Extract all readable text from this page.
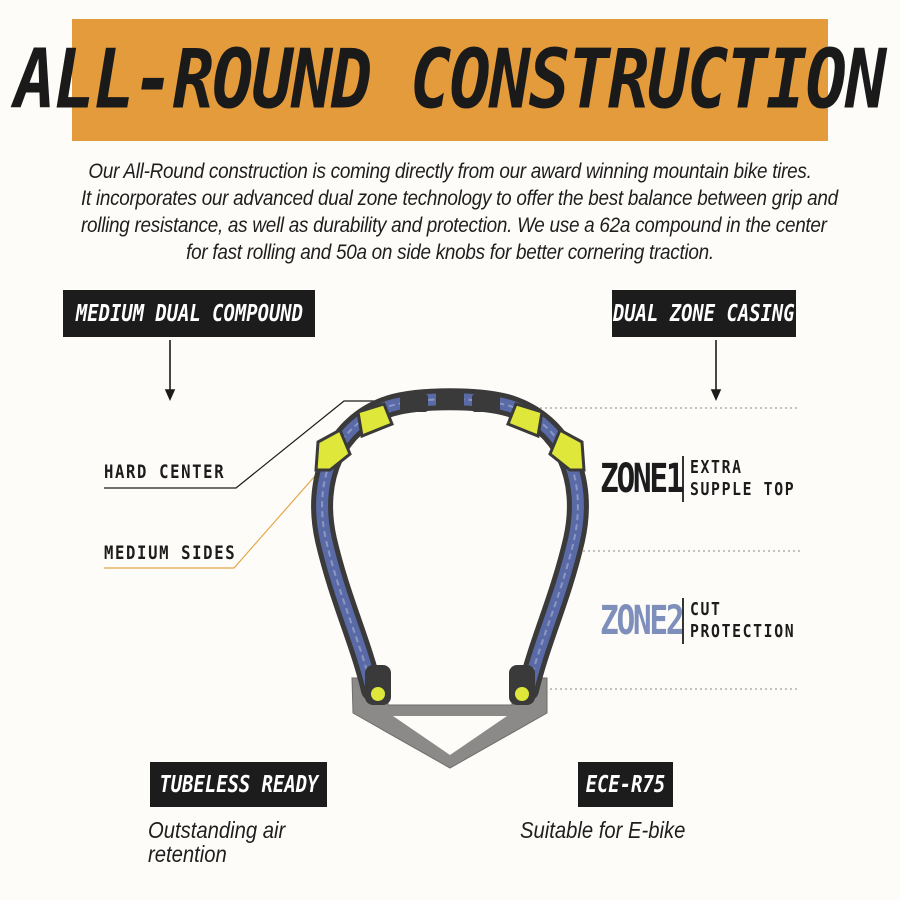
ALL-ROUND CONSTRUCTION
Our All-Round construction is coming directly from our award winning mountain bike tires.
It incorporates our advanced dual zone technology to offer the best balance between grip and
rolling resistance, as well as durability and protection. We use a 62a compound in the center
for fast rolling and 50a on side knobs for better cornering traction.
MEDIUM DUAL COMPOUND	DUAL ZONE CASING
HARD CENTER
MEDIUM SIDES
ZONE1 EXTRA
SUPPLE TOP
ZONE2 CUT
PROTECTION
TUBELESS READY	ECE-R75
Outstanding air
retention
Suitable for E-bike
